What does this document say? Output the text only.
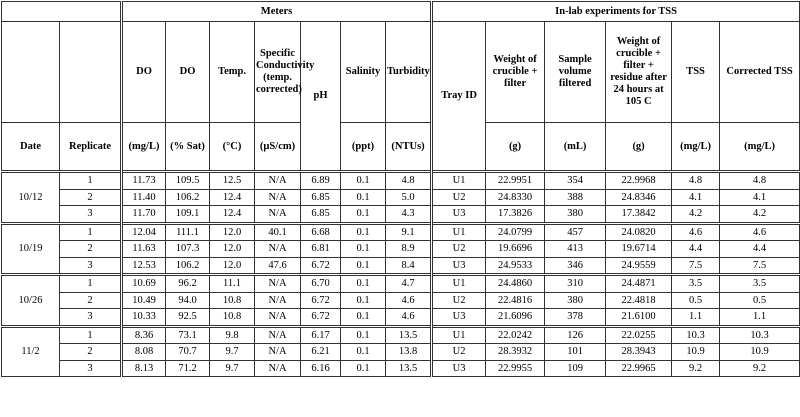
		Meters							In-lab experiments for TSS					
		DO	DO	Temp.	Specific Conductivity (temp. corrected)	pH	Salinity	Turbidity	Tray ID	Weight of crucible + filter	Sample volume filtered	Weight of crucible + filter + residue after 24 hours at 105 C	TSS	Corrected TSS
Date	Replicate	(mg/L)	(% Sat)	(°C)	(µS/cm)		(ppt)	(NTUs)		(g)	(mL)	(g)	(mg/L)	(mg/L)
10/12	1	11.73	109.5	12.5	N/A	6.89	0.1	4.8	U1	22.9951	354	22.9968	4.8	4.8
	2	11.40	106.2	12.4	N/A	6.85	0.1	5.0	U2	24.8330	388	24.8346	4.1	4.1
	3	11.70	109.1	12.4	N/A	6.85	0.1	4.3	U3	17.3826	380	17.3842	4.2	4.2
10/19	1	12.04	111.1	12.0	40.1	6.68	0.1	9.1	U1	24.0799	457	24.0820	4.6	4.6
	2	11.63	107.3	12.0	N/A	6.81	0.1	8.9	U2	19.6696	413	19.6714	4.4	4.4
	3	12.53	106.2	12.0	47.6	6.72	0.1	8.4	U3	24.9533	346	24.9559	7.5	7.5
10/26	1	10.69	96.2	11.1	N/A	6.70	0.1	4.7	U1	24.4860	310	24.4871	3.5	3.5
	2	10.49	94.0	10.8	N/A	6.72	0.1	4.6	U2	22.4816	380	22.4818	0.5	0.5
	3	10.33	92.5	10.8	N/A	6.72	0.1	4.6	U3	21.6096	378	21.6100	1.1	1.1
11/2	1	8.36	73.1	9.8	N/A	6.17	0.1	13.5	U1	22.0242	126	22.0255	10.3	10.3
	2	8.08	70.7	9.7	N/A	6.21	0.1	13.8	U2	28.3932	101	28.3943	10.9	10.9
	3	8.13	71.2	9.7	N/A	6.16	0.1	13.5	U3	22.9955	109	22.9965	9.2	9.2
